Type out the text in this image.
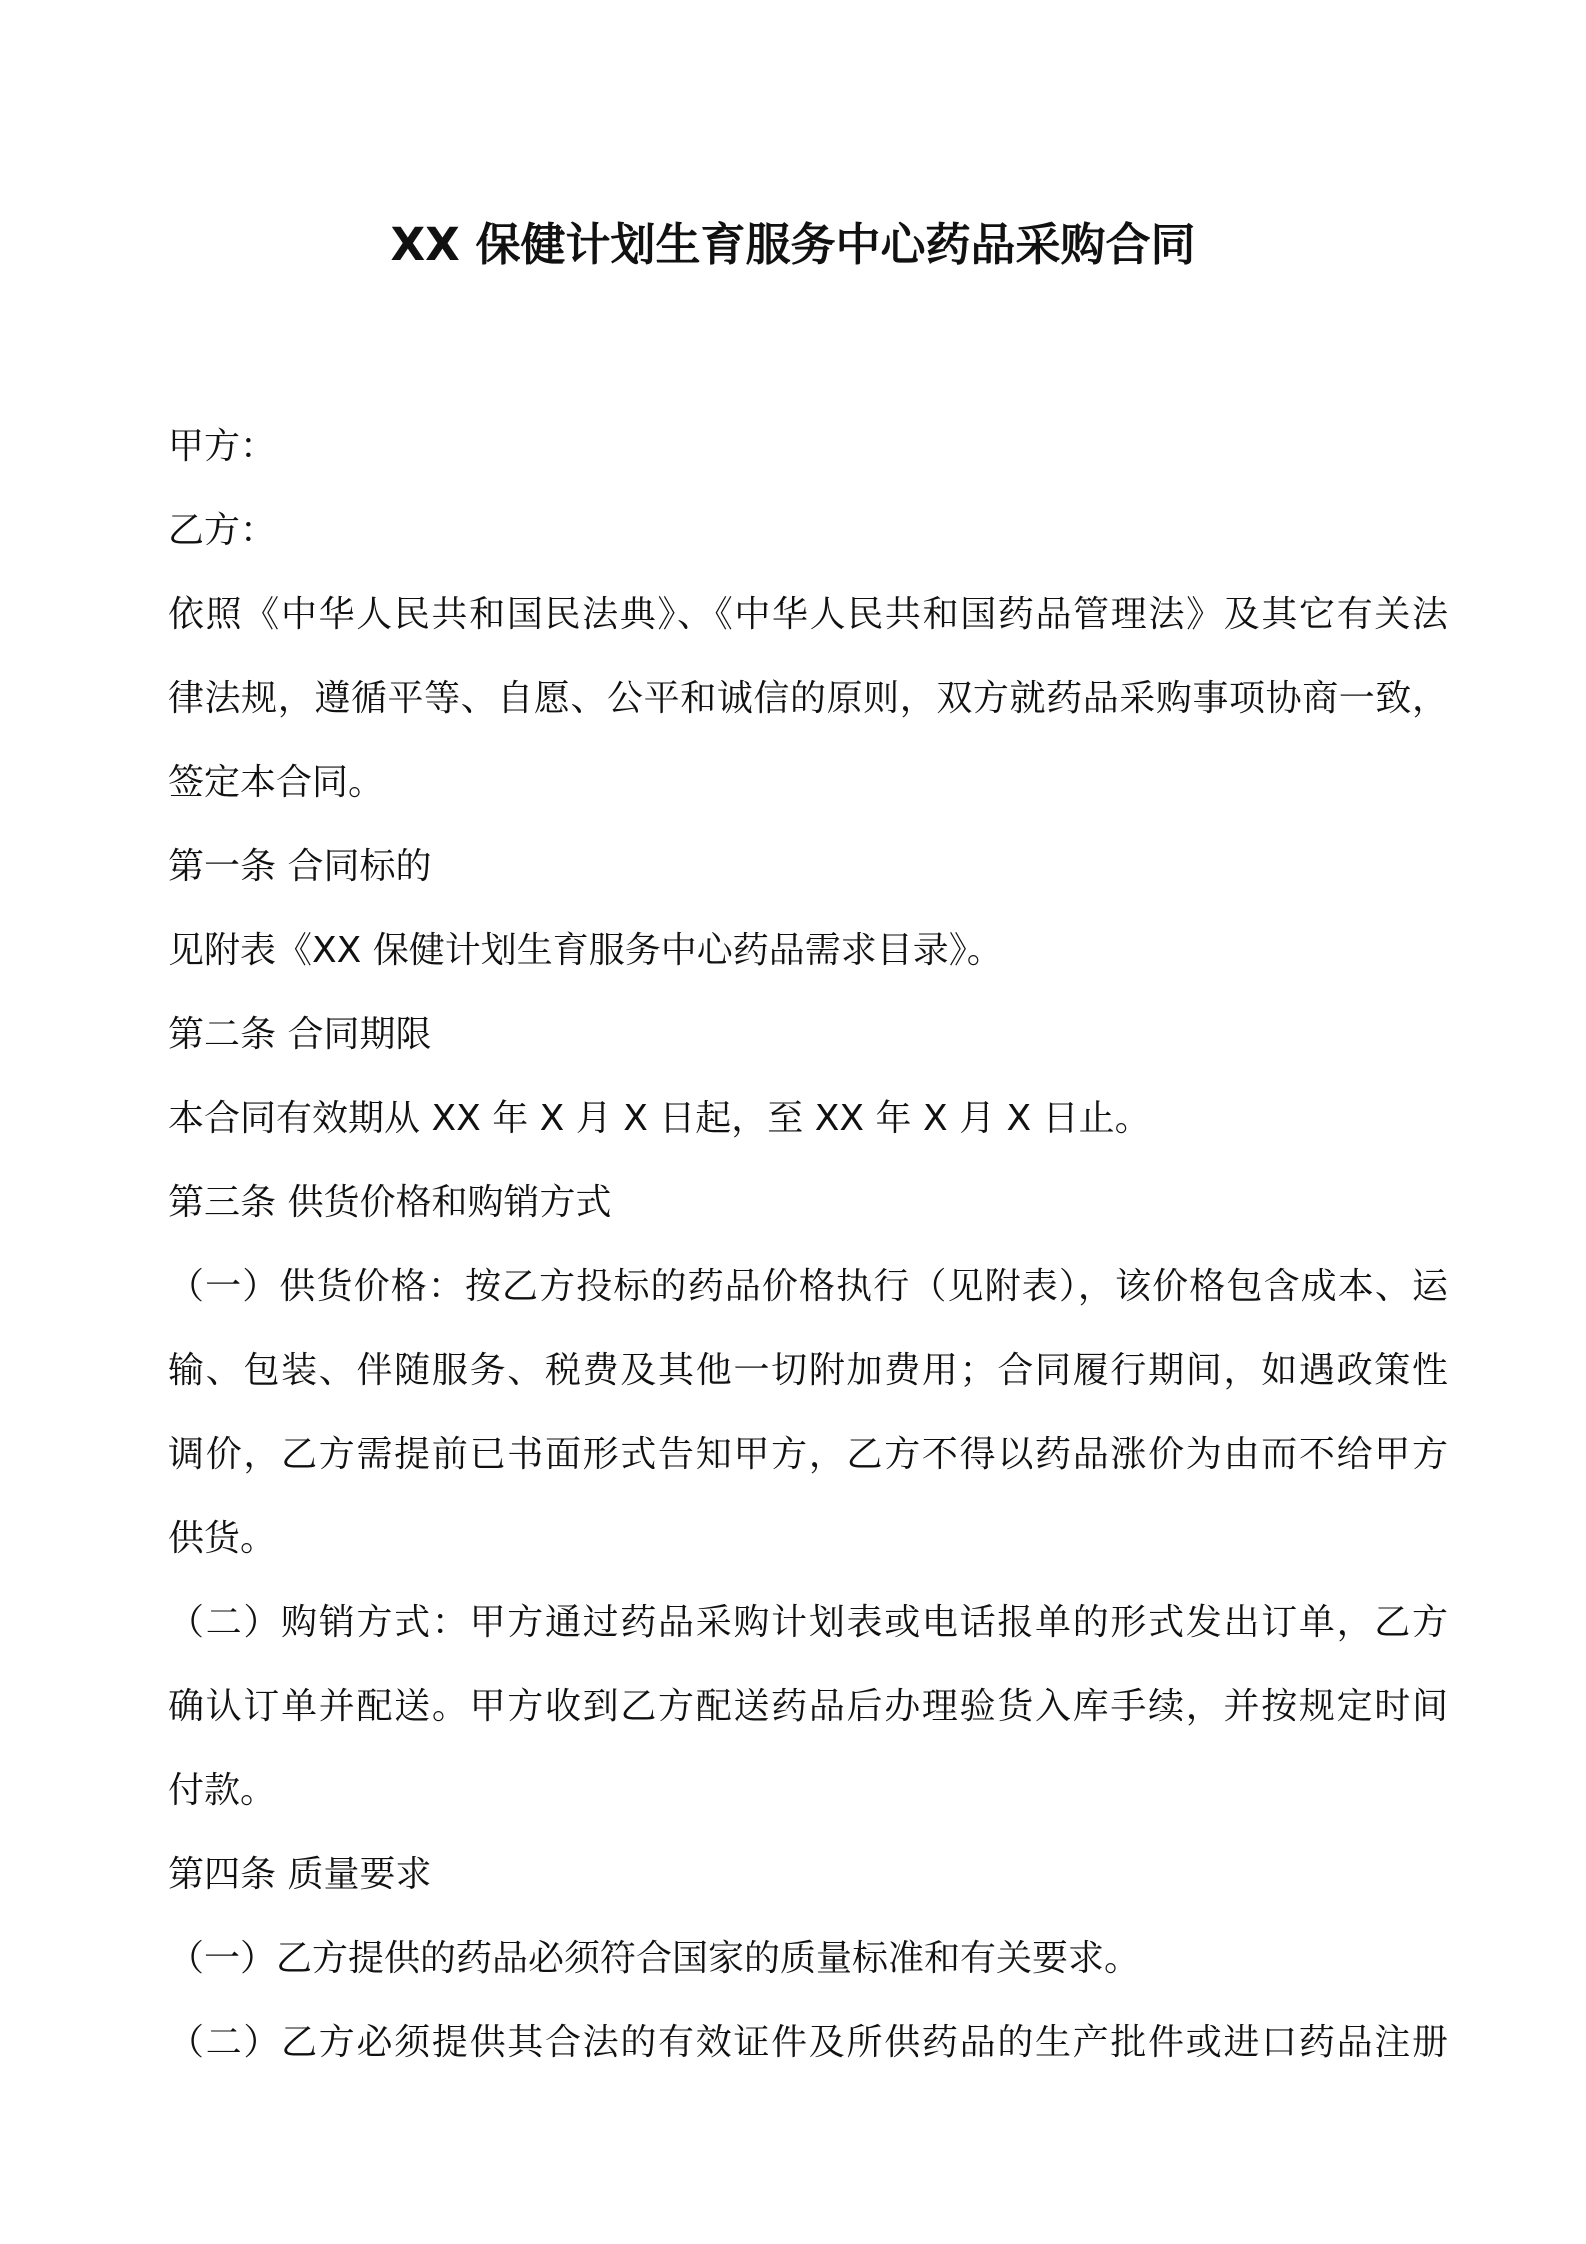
XX 保健计划生育服务中心药品采购合同
甲方：
乙方：
依照《中华人民共和国民法典》、《中华人民共和国药品管理法》及其它有关法
律法规，遵循平等、自愿、公平和诚信的原则，双方就药品采购事项协商一致，
签定本合同。
第一条 合同标的
见附表《XX 保健计划生育服务中心药品需求目录》。
第二条 合同期限
本合同有效期从 XX 年 X 月 X 日起，至 XX 年 X 月 X 日止。
第三条 供货价格和购销方式
（一）供货价格：按乙方投标的药品价格执行（见附表），该价格包含成本、运
输、包装、伴随服务、税费及其他一切附加费用；合同履行期间，如遇政策性
调价，乙方需提前已书面形式告知甲方，乙方不得以药品涨价为由而不给甲方
供货。
（二）购销方式：甲方通过药品采购计划表或电话报单的形式发出订单，乙方
确认订单并配送。甲方收到乙方配送药品后办理验货入库手续，并按规定时间
付款。
第四条 质量要求
（一）乙方提供的药品必须符合国家的质量标准和有关要求。
（二）乙方必须提供其合法的有效证件及所供药品的生产批件或进口药品注册
